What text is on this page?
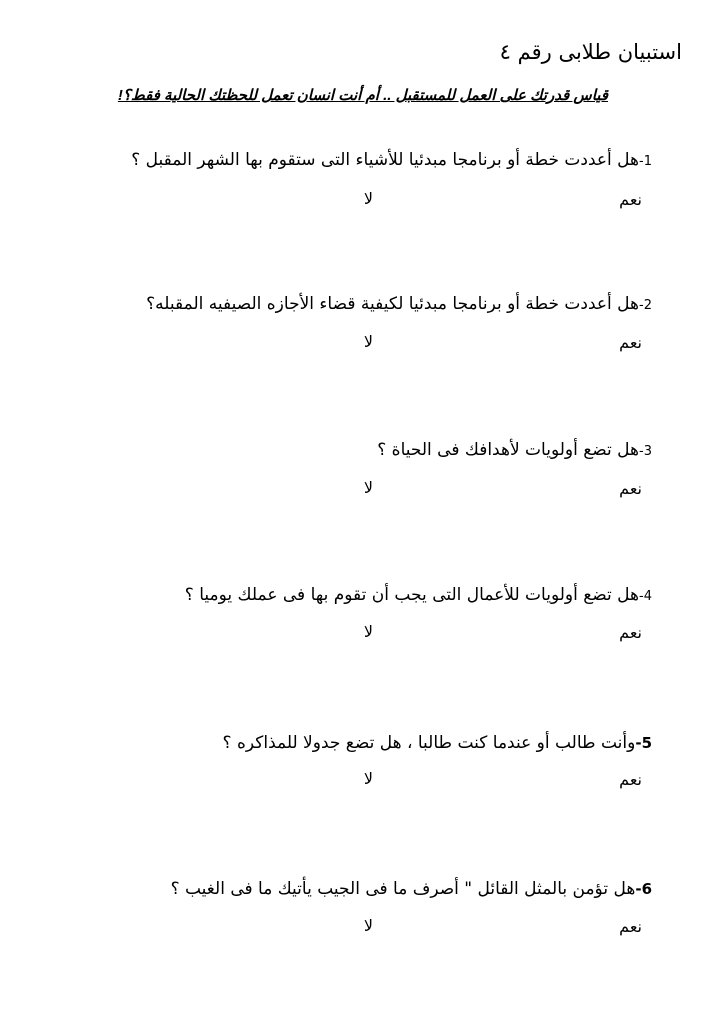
استبيان طلابى رقم ٤
قياس قدرتك على العمل للمستقبل .. أم أنت انسان تعمل للحظتك الحالية فقط؟!
1-هل أعددت خطة أو برنامجا مبدئيا للأشياء التى ستقوم بها الشهر المقبل ؟
نعم
لا
2-هل أعددت خطة أو برنامجا مبدئيا لكيفية قضاء الأجازه الصيفيه المقبله؟
نعم
لا
3-هل تضع أولويات لأهدافك فى الحياة ؟
نعم
لا
4-هل تضع أولويات للأعمال التى يجب أن تقوم بها فى عملك يوميا ؟
نعم
لا
5-وأنت طالب أو عندما كنت طالبا ، هل تضع جدولا للمذاكره ؟
نعم
لا
6-هل تؤمن بالمثل القائل " أصرف ما فى الجيب يأتيك ما فى الغيب ؟
نعم
لا
